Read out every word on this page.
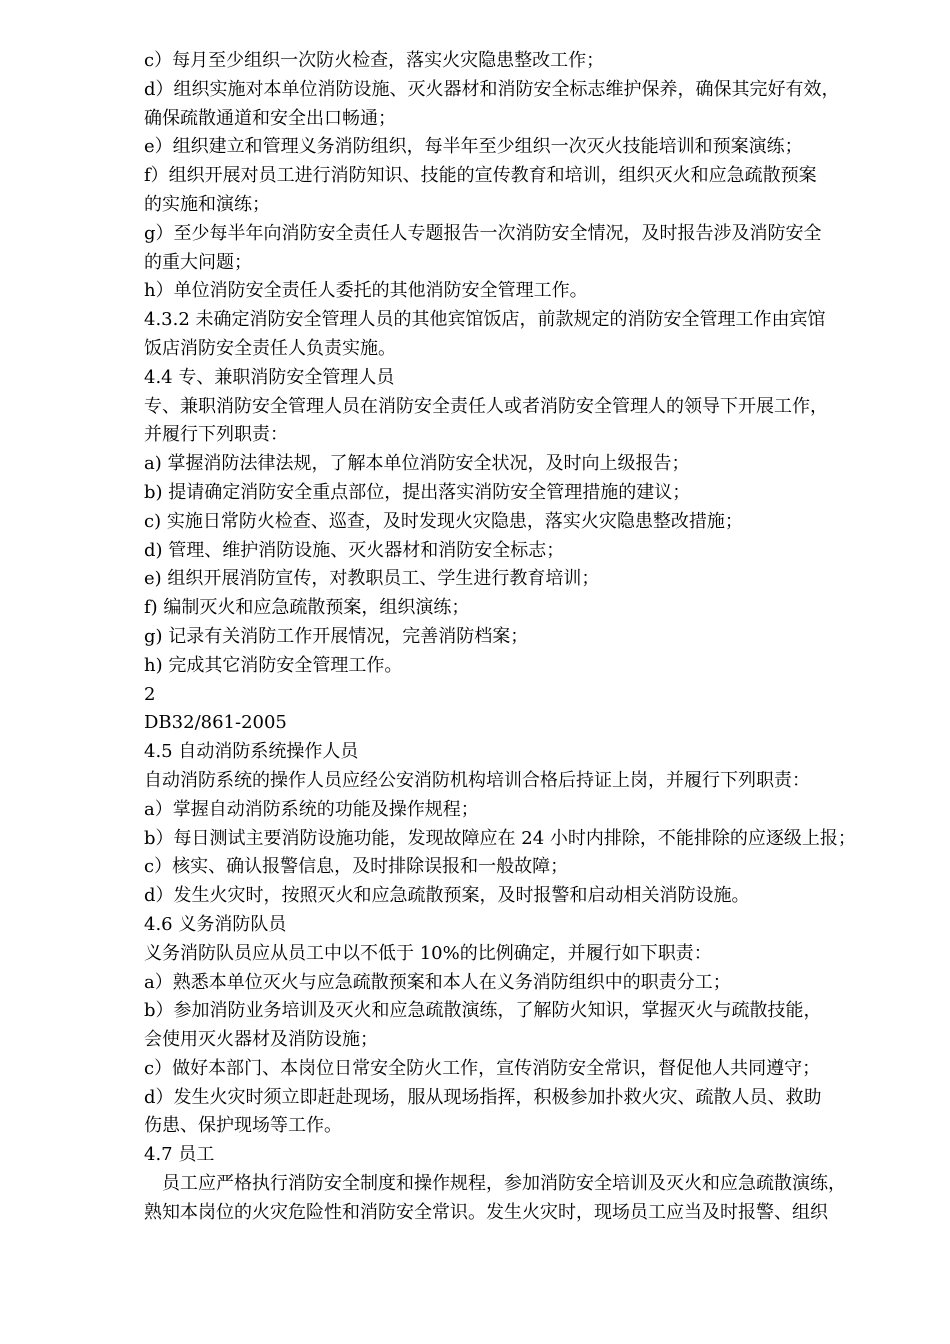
c）每月至少组织一次防火检查，落实火灾隐患整改工作；
d）组织实施对本单位消防设施、灭火器材和消防安全标志维护保养，确保其完好有效，
确保疏散通道和安全出口畅通；
e）组织建立和管理义务消防组织，每半年至少组织一次灭火技能培训和预案演练；
f）组织开展对员工进行消防知识、技能的宣传教育和培训，组织灭火和应急疏散预案
的实施和演练；
g）至少每半年向消防安全责任人专题报告一次消防安全情况，及时报告涉及消防安全
的重大问题；
h）单位消防安全责任人委托的其他消防安全管理工作。
4.3.2 未确定消防安全管理人员的其他宾馆饭店，前款规定的消防安全管理工作由宾馆
饭店消防安全责任人负责实施。
4.4 专、兼职消防安全管理人员
专、兼职消防安全管理人员在消防安全责任人或者消防安全管理人的领导下开展工作，
并履行下列职责：
a) 掌握消防法律法规，了解本单位消防安全状况，及时向上级报告；
b) 提请确定消防安全重点部位，提出落实消防安全管理措施的建议；
c) 实施日常防火检查、巡查，及时发现火灾隐患，落实火灾隐患整改措施；
d) 管理、维护消防设施、灭火器材和消防安全标志；
e) 组织开展消防宣传，对教职员工、学生进行教育培训；
f) 编制灭火和应急疏散预案，组织演练；
g) 记录有关消防工作开展情况，完善消防档案；
h) 完成其它消防安全管理工作。
2
DB32/861-2005
4.5 自动消防系统操作人员
自动消防系统的操作人员应经公安消防机构培训合格后持证上岗，并履行下列职责：
a）掌握自动消防系统的功能及操作规程；
b）每日测试主要消防设施功能，发现故障应在 24 小时内排除，不能排除的应逐级上报；
c）核实、确认报警信息，及时排除误报和一般故障；
d）发生火灾时，按照灭火和应急疏散预案，及时报警和启动相关消防设施。
4.6 义务消防队员
义务消防队员应从员工中以不低于 10%的比例确定，并履行如下职责：
a）熟悉本单位灭火与应急疏散预案和本人在义务消防组织中的职责分工；
b）参加消防业务培训及灭火和应急疏散演练，了解防火知识，掌握灭火与疏散技能，
会使用灭火器材及消防设施；
c）做好本部门、本岗位日常安全防火工作，宣传消防安全常识，督促他人共同遵守；
d）发生火灾时须立即赶赴现场，服从现场指挥，积极参加扑救火灾、疏散人员、救助
伤患、保护现场等工作。
4.7 员工
员工应严格执行消防安全制度和操作规程，参加消防安全培训及灭火和应急疏散演练，
熟知本岗位的火灾危险性和消防安全常识。发生火灾时，现场员工应当及时报警、组织
